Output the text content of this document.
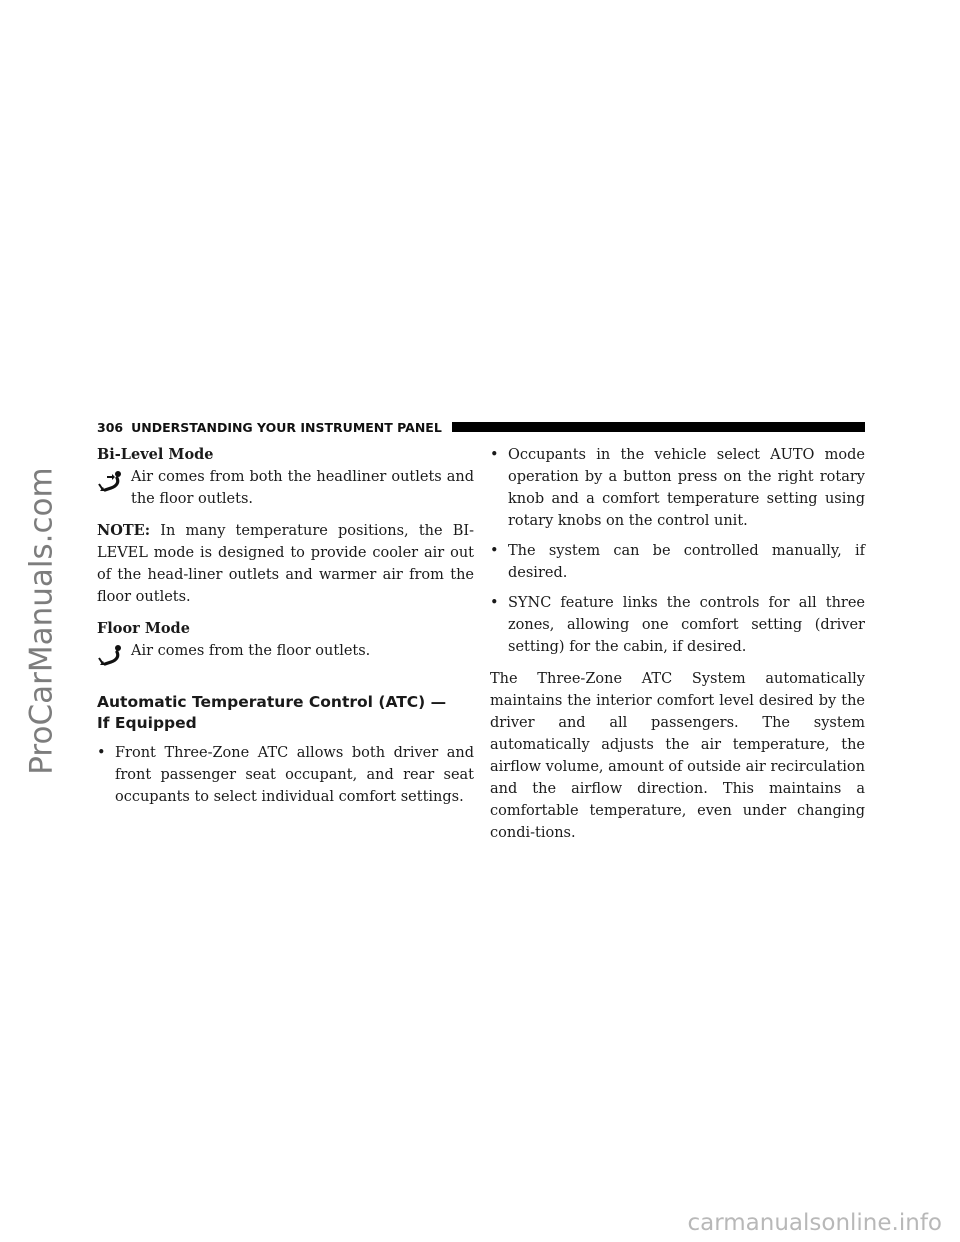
ProCarManuals.com
306 UNDERSTANDING YOUR INSTRUMENT PANEL

Bi-Level Mode

Air comes from both the headliner outlets and the floor outlets.

NOTE: In many temperature positions, the BI-LEVEL mode is designed to provide cooler air out of the head-liner outlets and warmer air from the floor outlets.

Floor Mode

Air comes from the floor outlets.

Automatic Temperature Control (ATC) —

If Equipped

• Front Three-Zone ATC allows both driver and front passenger seat occupant, and rear seat occupants to select individual comfort settings.

• Occupants in the vehicle select AUTO mode operation by a button press on the right rotary knob and a comfort temperature setting using rotary knobs on the control unit.

• The system can be controlled manually, if desired.

• SYNC feature links the controls for all three zones, allowing one comfort setting (driver setting) for the cabin, if desired.

The Three-Zone ATC System automatically maintains the interior comfort level desired by the driver and all passengers. The system automatically adjusts the air temperature, the airflow volume, amount of outside air recirculation and the airflow direction. This maintains a comfortable temperature, even under changing condi-tions.

carmanualsonline.info
